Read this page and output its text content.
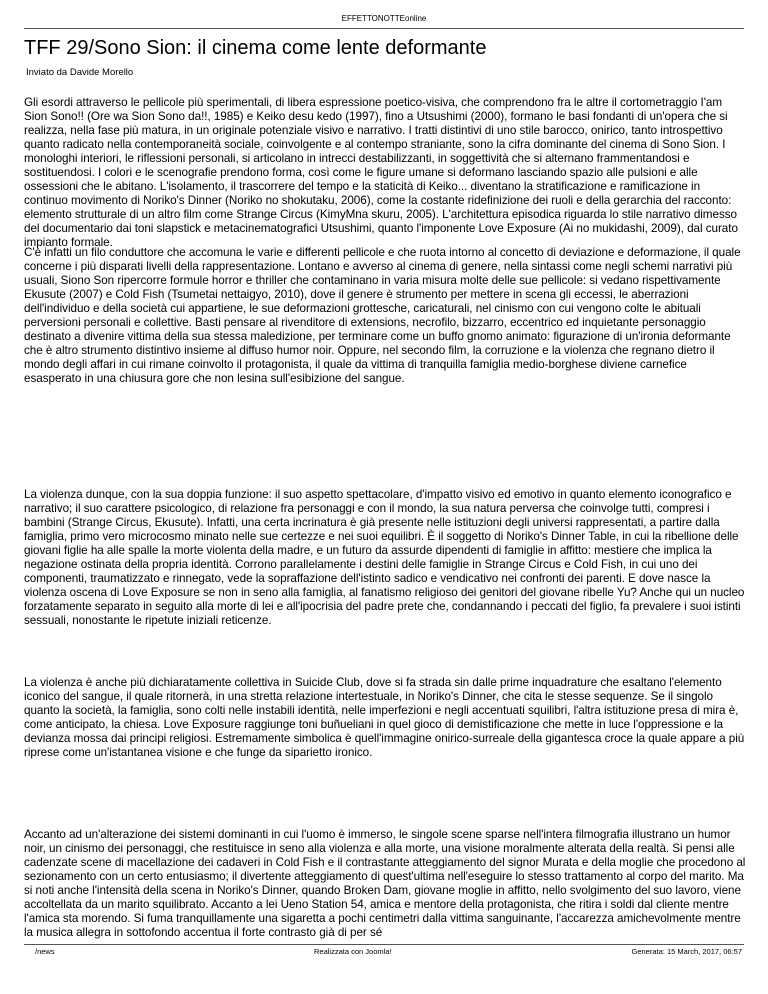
EFFETTONOTTEonline
TFF 29/Sono Sion: il cinema come lente deformante
Inviato da Davide Morello

Gli esordi attraverso le pellicole più sperimentali, di libera espressione poetico-visiva, che comprendono fra le altre il cortometraggio I'am Sion Sono!! (Ore wa Sion Sono da!!, 1985) e Keiko desu kedo (1997), fino a Utsushimi (2000), formano le basi fondanti di un'opera che si realizza, nella fase più matura, in un originale potenziale visivo e narrativo. I tratti distintivi di uno stile barocco, onirico, tanto introspettivo quanto radicato nella contemporaneità sociale, coinvolgente e al contempo straniante, sono la cifra dominante del cinema di Sono Sion. I monologhi interiori, le riflessioni personali, si articolano in intrecci destabilizzanti, in soggettività che si alternano frammentandosi e sostituendosi. I colori e le scenografie prendono forma, così come le figure umane si deformano lasciando spazio alle pulsioni e alle ossessioni che le abitano. L'isolamento, il trascorrere del tempo e la staticità di Keiko... diventano la stratificazione e ramificazione in continuo movimento di Noriko's Dinner (Noriko no shokutaku, 2006), come la costante ridefinizione dei ruoli e della gerarchia del racconto: elemento strutturale di un altro film come Strange Circus (KimyMna skuru, 2005). L'architettura episodica riguarda lo stile narrativo dimesso del documentario dai toni slapstick e metacinematografici Utsushimi, quanto l'imponente Love Exposure (Ai no mukidashi, 2009), dal curato impianto formale.

C'è infatti un filo conduttore che accomuna le varie e differenti pellicole e che ruota intorno al concetto di deviazione e deformazione, il quale concerne i più disparati livelli della rappresentazione. Lontano e avverso al cinema di genere, nella sintassi come negli schemi narrativi più usuali, Siono Son ripercorre formule horror e thriller che contaminano in varia misura molte delle sue pellicole: si vedano rispettivamente Ekusute (2007) e Cold Fish (Tsumetai nettaigyo, 2010), dove il genere è strumento per mettere in scena gli eccessi, le aberrazioni dell'individuo e della società cui appartiene, le sue deformazioni grottesche, caricaturali, nel cinismo con cui vengono colte le abituali perversioni personali e collettive. Basti pensare al rivenditore di extensions, necrofilo, bizzarro, eccentrico ed inquietante personaggio destinato a divenire vittima della sua stessa maledizione, per terminare come un buffo gnomo animato: figurazione di un'ironia deformante che è altro strumento distintivo insieme al diffuso humor noir. Oppure, nel secondo film, la corruzione e la violenza che regnano dietro il mondo degli affari in cui rimane coinvolto il protagonista, il quale da vittima di tranquilla famiglia medio-borghese diviene carnefice esasperato in una chiusura gore che non lesina sull'esibizione del sangue.

La violenza dunque, con la sua doppia funzione: il suo aspetto spettacolare, d'impatto visivo ed emotivo in quanto elemento iconografico e narrativo; il suo carattere psicologico, di relazione fra personaggi e con il mondo, la sua natura perversa che coinvolge tutti, compresi i bambini (Strange Circus, Ekusute). Infatti, una certa incrinatura è già presente nelle istituzioni degli universi rappresentati, a partire dalla famiglia, primo vero microcosmo minato nelle sue certezze e nei suoi equilibri. È il soggetto di Noriko's Dinner Table, in cui la ribellione delle giovani figlie ha alle spalle la morte violenta della madre, e un futuro da assurde dipendenti di famiglie in affitto: mestiere che implica la negazione ostinata della propria identità. Corrono parallelamente i destini delle famiglie in Strange Circus e Cold Fish, in cui uno dei componenti, traumatizzato e rinnegato, vede la sopraffazione dell'istinto sadico e vendicativo nei confronti dei parenti. E dove nasce la violenza oscena di Love Exposure se non in seno alla famiglia, al fanatismo religioso dei genitori del giovane ribelle Yu? Anche qui un nucleo forzatamente separato in seguito alla morte di lei e all'ipocrisia del padre prete che, condannando i peccati del figlio, fa prevalere i suoi istinti sessuali, nonostante le ripetute iniziali reticenze.

La violenza è anche più dichiaratamente collettiva in Suicide Club, dove si fa strada sin dalle prime inquadrature che esaltano l'elemento iconico del sangue, il quale ritornerà, in una stretta relazione intertestuale, in Noriko's Dinner, che cita le stesse sequenze. Se il singolo quanto la società, la famiglia, sono colti nelle instabili identità, nelle imperfezioni e negli accentuati squilibri, l'altra istituzione presa di mira è, come anticipato, la chiesa. Love Exposure raggiunge toni buñueliani in quel gioco di demistificazione che mette in luce l'oppressione e la devianza mossa dai principi religiosi. Estremamente simbolica è quell'immagine onirico-surreale della gigantesca croce la quale appare a più riprese come un'istantanea visione e che funge da siparietto ironico.

Accanto ad un'alterazione dei sistemi dominanti in cui l'uomo è immerso, le singole scene sparse nell'intera filmografia illustrano un humor noir, un cinismo dei personaggi, che restituisce in seno alla violenza e alla morte, una visione moralmente alterata della realtà. Si pensi alle cadenzate scene di macellazione dei cadaveri in Cold Fish e il contrastante atteggiamento del signor Murata e della moglie che procedono al sezionamento con un certo entusiasmo; il divertente atteggiamento di quest'ultima nell'eseguire lo stesso trattamento al corpo del marito. Ma si noti anche l'intensità della scena in Noriko's Dinner, quando Broken Dam, giovane moglie in affitto, nello svolgimento del suo lavoro, viene accoltellata da un marito squilibrato. Accanto a lei Ueno Station 54, amica e mentore della protagonista, che ritira i soldi dal cliente mentre l'amica sta morendo. Si fuma tranquillamente una sigaretta a pochi centimetri dalla vittima sanguinante, l'accarezza amichevolmente mentre la musica allegra in sottofondo accentua il forte contrasto già di per sé

/news	Realizzata con Joomla!	Generata: 15 March, 2017, 06:57
